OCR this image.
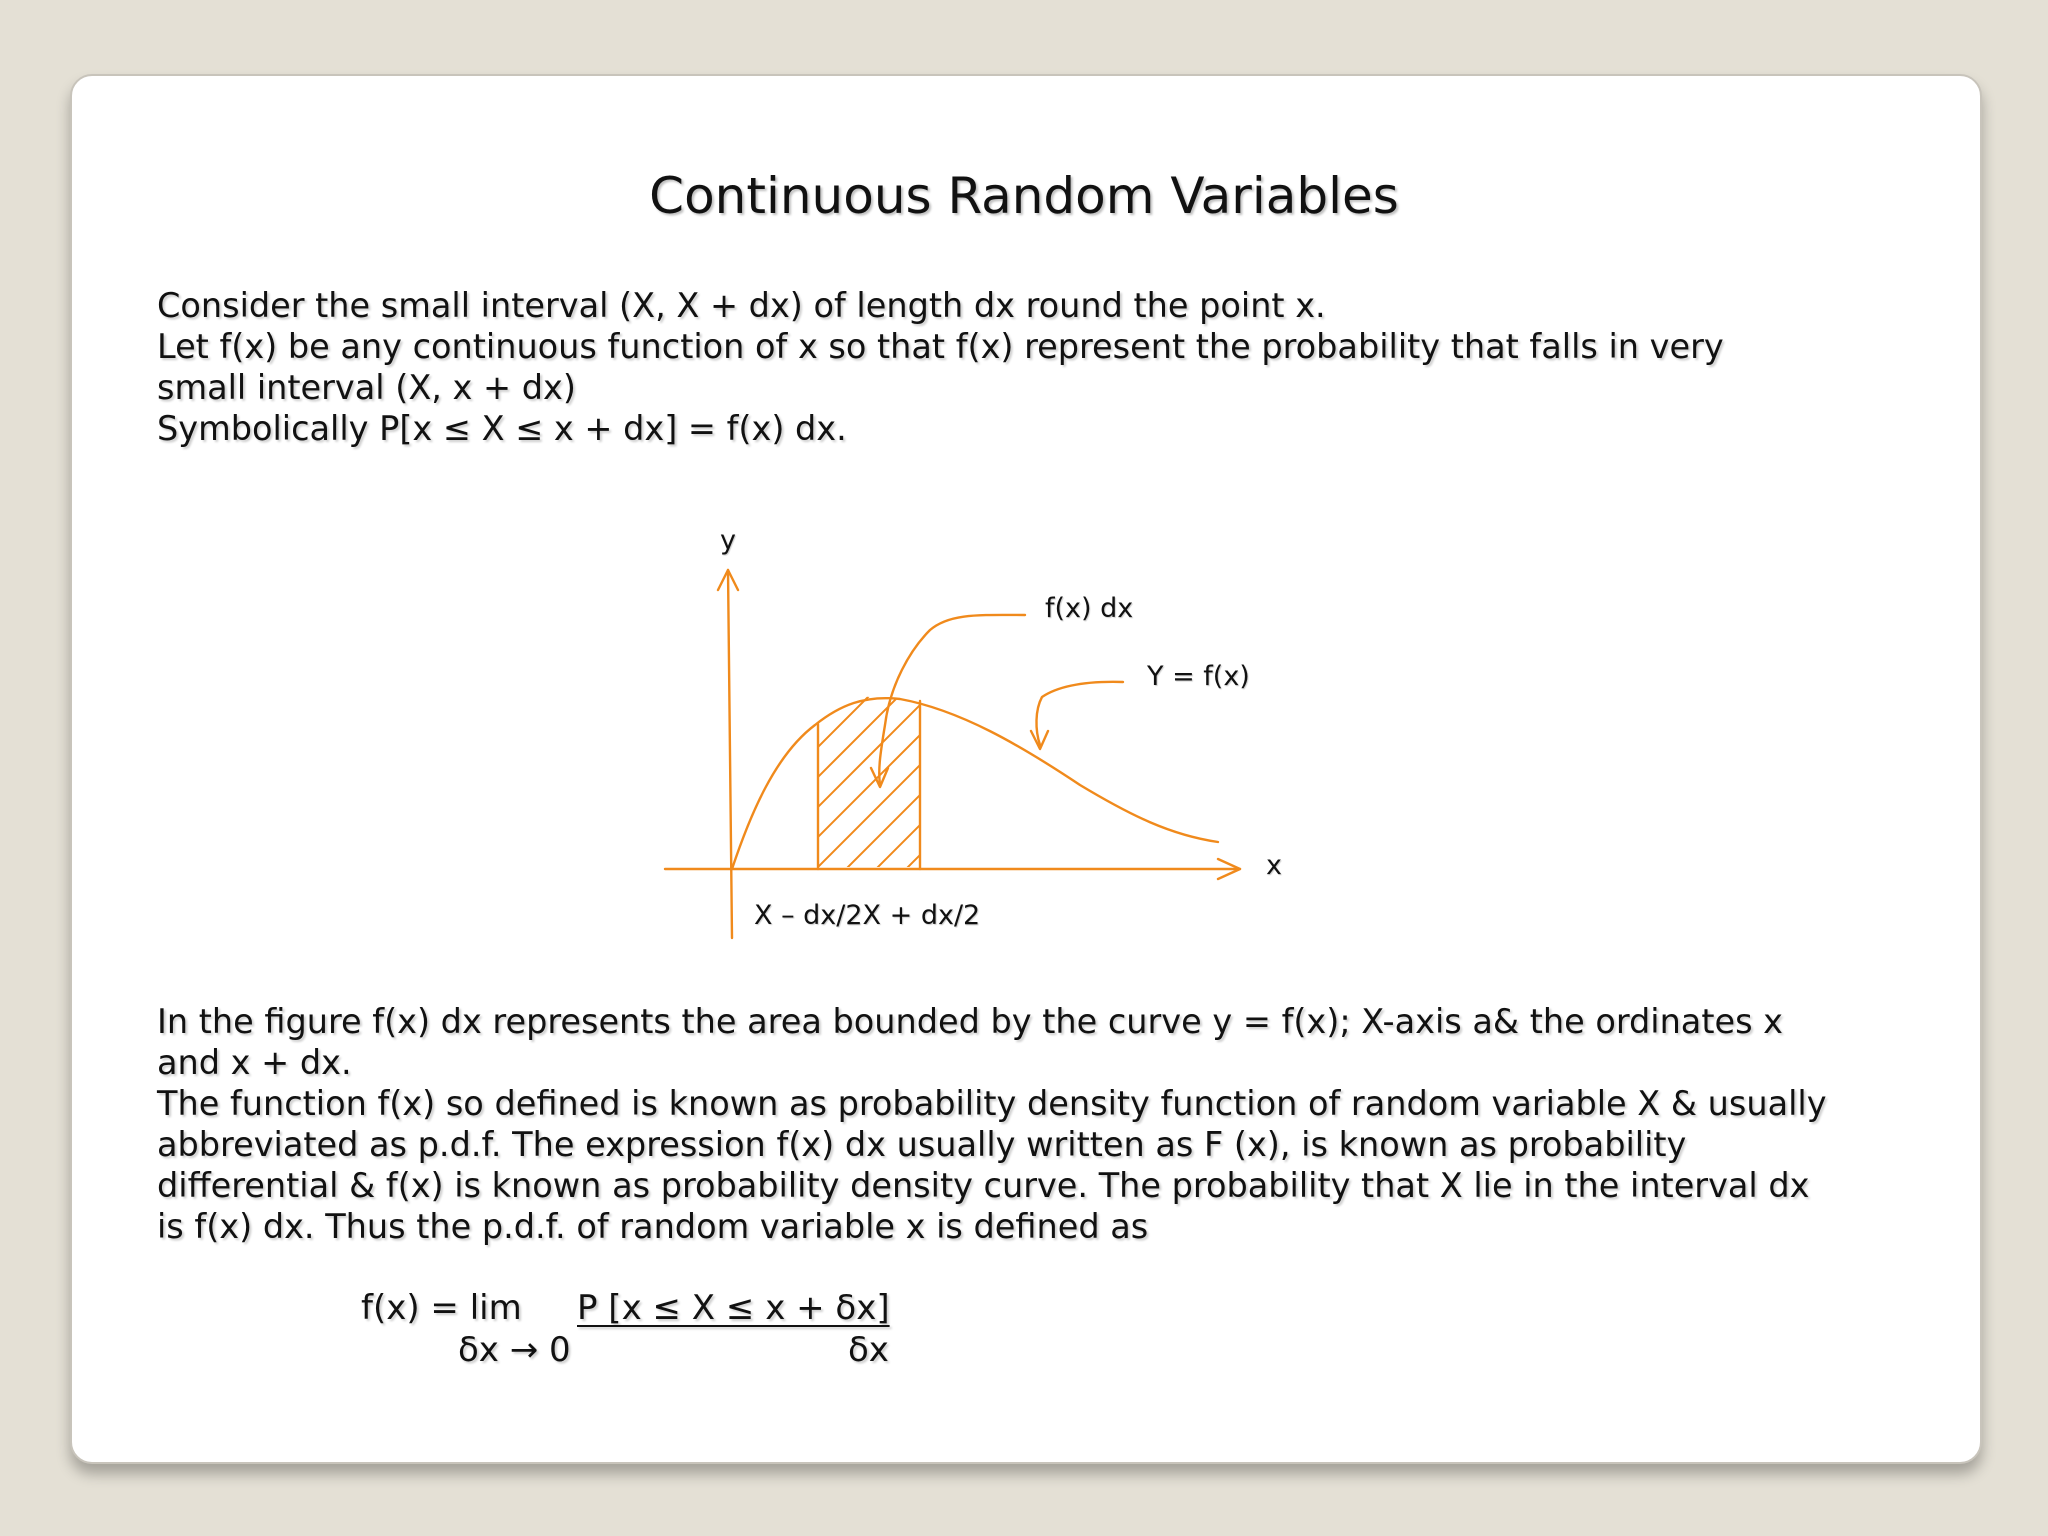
Continuous Random Variables

Consider the small interval (X, X + dx) of length dx round the point x.
Let f(x) be any continuous function of x so that f(x) represent the probability that falls in very
small interval (X, x + dx)
Symbolically P[x ≤ X ≤ x + dx] = f(x) dx.

y
x
f(x) dx
Y = f(x)
X – dx/2X + dx/2

In the figure f(x) dx represents the area bounded by the curve y = f(x); X-axis a& the ordinates x
and x + dx.
The function f(x) so defined is known as probability density function of random variable X & usually
abbreviated as p.d.f. The expression f(x) dx usually written as F (x), is known as probability
differential & f(x) is known as probability density curve. The probability that X lie in the interval dx
is f(x) dx. Thus the p.d.f. of random variable x is defined as

f(x) = lim P [x ≤ X ≤ x + δx]
δx → 0	δx
